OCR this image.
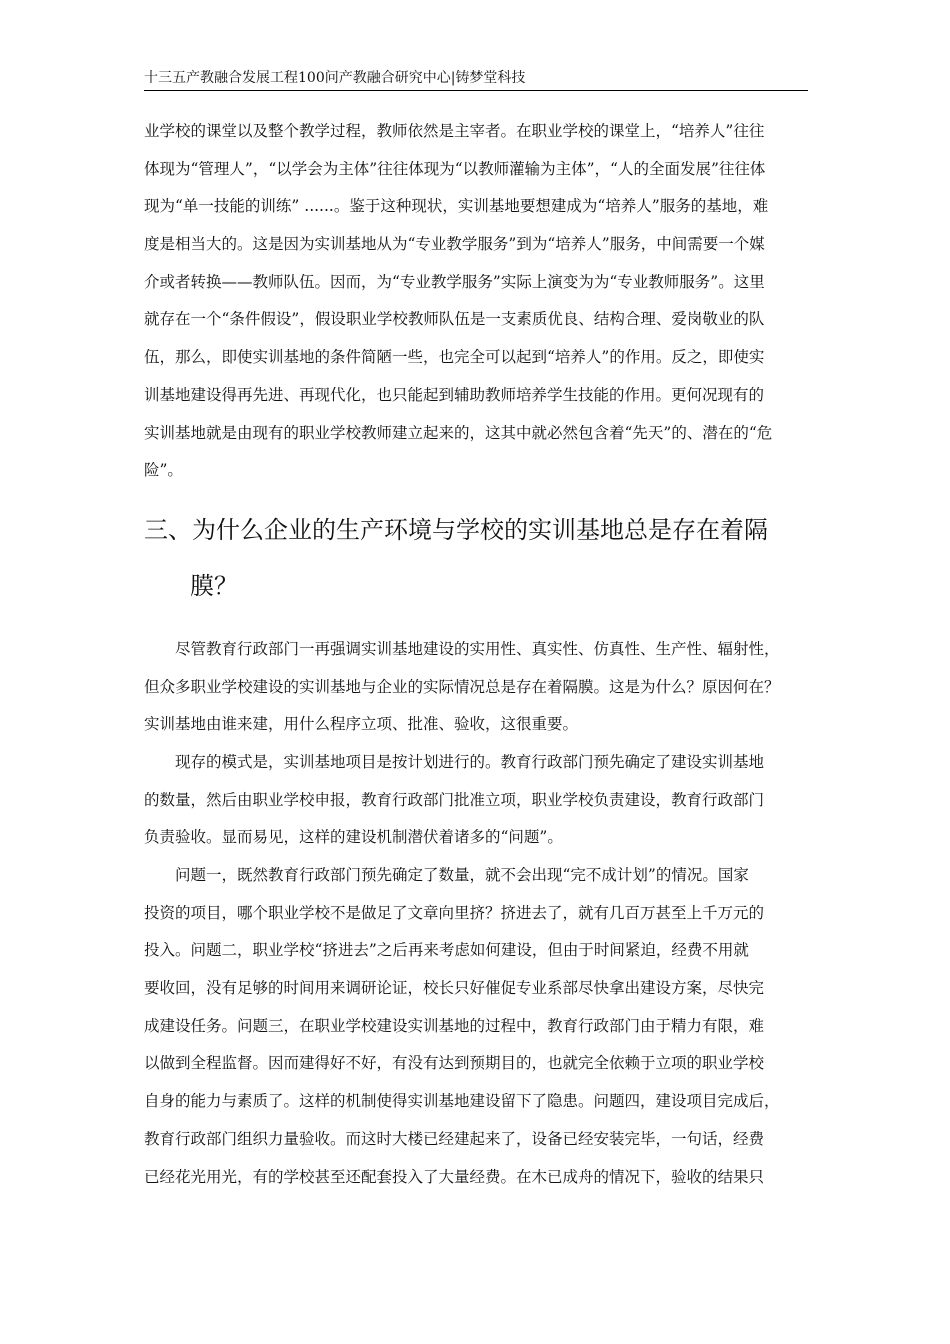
十三五产教融合发展工程100问产教融合研究中心|铸梦堂科技
业学校的课堂以及整个教学过程，教师依然是主宰者。在职业学校的课堂上，“培养人”往往
体现为“管理人”，“以学会为主体”往往体现为“以教师灌输为主体”，“人的全面发展”往往体
现为“单一技能的训练” ......。鉴于这种现状，实训基地要想建成为“培养人”服务的基地，难
度是相当大的。这是因为实训基地从为“专业教学服务”到为“培养人”服务，中间需要一个媒
介或者转换——教师队伍。因而，为“专业教学服务”实际上演变为为“专业教师服务”。这里
就存在一个“条件假设”，假设职业学校教师队伍是一支素质优良、结构合理、爱岗敬业的队
伍，那么，即使实训基地的条件简陋一些，也完全可以起到“培养人”的作用。反之，即使实
训基地建设得再先进、再现代化，也只能起到辅助教师培养学生技能的作用。更何况现有的
实训基地就是由现有的职业学校教师建立起来的，这其中就必然包含着“先天”的、潜在的“危
险”。
三、为什么企业的生产环境与学校的实训基地总是存在着隔
膜？
尽管教育行政部门一再强调实训基地建设的实用性、真实性、仿真性、生产性、辐射性，
但众多职业学校建设的实训基地与企业的实际情况总是存在着隔膜。这是为什么？原因何在？
实训基地由谁来建，用什么程序立项、批准、验收，这很重要。
现存的模式是，实训基地项目是按计划进行的。教育行政部门预先确定了建设实训基地
的数量，然后由职业学校申报，教育行政部门批准立项，职业学校负责建设，教育行政部门
负责验收。显而易见，这样的建设机制潜伏着诸多的“问题”。
问题一，既然教育行政部门预先确定了数量，就不会出现“完不成计划”的情况。国家
投资的项目，哪个职业学校不是做足了文章向里挤？挤进去了，就有几百万甚至上千万元的
投入。问题二，职业学校“挤进去”之后再来考虑如何建设，但由于时间紧迫，经费不用就
要收回，没有足够的时间用来调研论证，校长只好催促专业系部尽快拿出建设方案，尽快完
成建设任务。问题三，在职业学校建设实训基地的过程中，教育行政部门由于精力有限，难
以做到全程监督。因而建得好不好，有没有达到预期目的，也就完全依赖于立项的职业学校
自身的能力与素质了。这样的机制使得实训基地建设留下了隐患。问题四，建设项目完成后，
教育行政部门组织力量验收。而这时大楼已经建起来了，设备已经安装完毕，一句话，经费
已经花光用光，有的学校甚至还配套投入了大量经费。在木已成舟的情况下，验收的结果只
